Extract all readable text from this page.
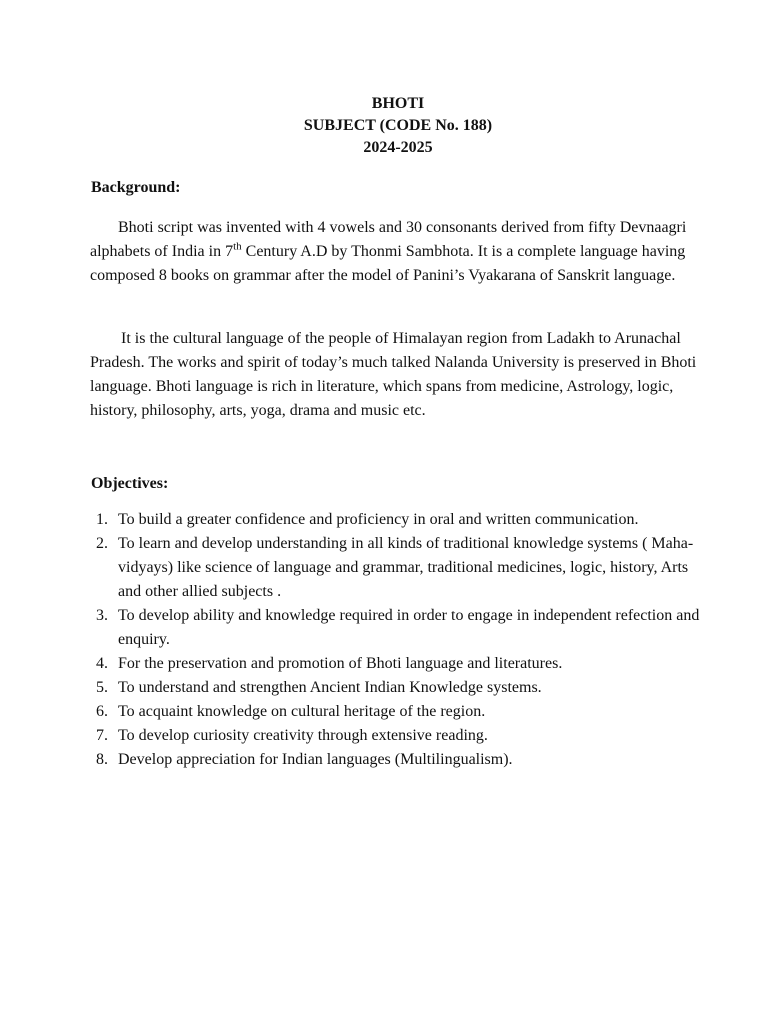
BHOTI
SUBJECT (CODE No. 188)
2024-2025
Background:
Bhoti script was invented with 4 vowels and 30 consonants derived from fifty Devnaagri alphabets of India in 7th Century A.D by Thonmi Sambhota. It is a complete language having composed 8 books on grammar after the model of Panini’s Vyakarana of Sanskrit language.
It is the cultural language of the people of Himalayan region from Ladakh to Arunachal Pradesh. The works and spirit of today’s much talked Nalanda University is preserved in Bhoti language. Bhoti language is rich in literature, which spans from medicine, Astrology, logic, history, philosophy, arts, yoga, drama and music etc.
Objectives:
1. To build a greater confidence and proficiency in oral and written communication.
2. To learn and develop understanding in all kinds of traditional knowledge systems ( Maha-vidyays) like science of language and grammar, traditional medicines, logic, history, Arts and other allied subjects .
3. To develop ability and knowledge required in order to engage in independent refection and enquiry.
4. For the preservation and promotion of Bhoti language and literatures.
5. To understand and strengthen Ancient Indian Knowledge systems.
6. To acquaint knowledge on cultural heritage of the region.
7. To develop curiosity creativity through extensive reading.
8. Develop appreciation for Indian languages (Multilingualism).
